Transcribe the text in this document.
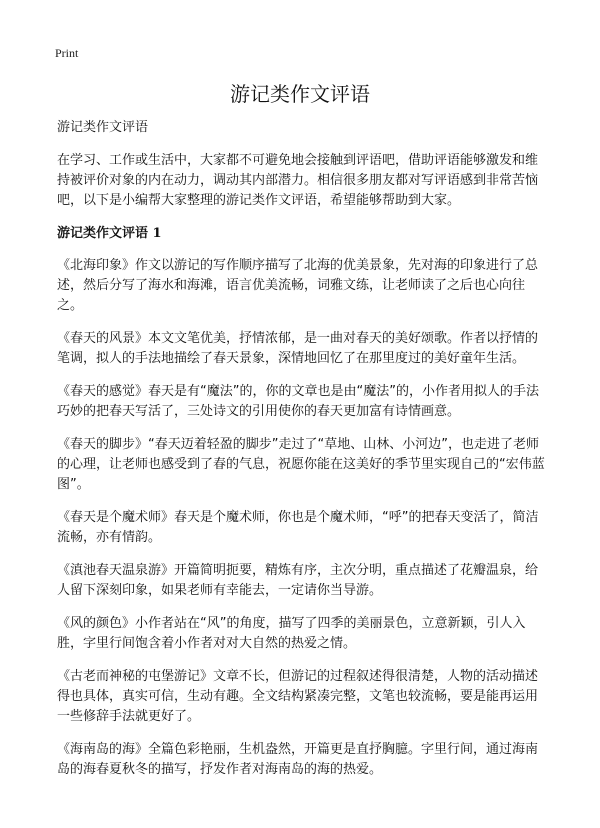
Print
游记类作文评语

游记类作文评语

在学习、工作或生活中，大家都不可避免地会接触到评语吧，借助评语能够激发和维持被评价对象的内在动力，调动其内部潜力。相信很多朋友都对写评语感到非常苦恼吧，以下是小编帮大家整理的游记类作文评语，希望能够帮助到大家。

游记类作文评语 1

《北海印象》作文以游记的写作顺序描写了北海的优美景象，先对海的印象进行了总述，然后分写了海水和海滩，语言优美流畅，词雅文练，让老师读了之后也心向往之。

《春天的风景》本文文笔优美，抒情浓郁，是一曲对春天的美好颂歌。作者以抒情的笔调，拟人的手法地描绘了春天景象，深情地回忆了在那里度过的美好童年生活。

《春天的感觉》春天是有“魔法”的，你的文章也是由“魔法”的，小作者用拟人的手法巧妙的把春天写活了，三处诗文的引用使你的春天更加富有诗情画意。

《春天的脚步》“春天迈着轻盈的脚步”走过了“草地、山林、小河边”，也走进了老师的心理，让老师也感受到了春的气息，祝愿你能在这美好的季节里实现自己的“宏伟蓝图”。

《春天是个魔术师》春天是个魔术师，你也是个魔术师，“呼”的把春天变活了，简洁流畅，亦有情韵。

《滇池春天温泉游》开篇简明扼要，精炼有序，主次分明，重点描述了花瓣温泉，给人留下深刻印象，如果老师有幸能去，一定请你当导游。

《风的颜色》小作者站在“风”的角度，描写了四季的美丽景色，立意新颖，引人入胜，字里行间饱含着小作者对对大自然的热爱之情。

《古老而神秘的屯堡游记》文章不长，但游记的过程叙述得很清楚，人物的活动描述得也具体，真实可信，生动有趣。全文结构紧凑完整，文笔也较流畅，要是能再运用一些修辞手法就更好了。

《海南岛的海》全篇色彩艳丽，生机盎然，开篇更是直抒胸臆。字里行间，通过海南岛的海春夏秋冬的描写，抒发作者对海南岛的海的热爱。
